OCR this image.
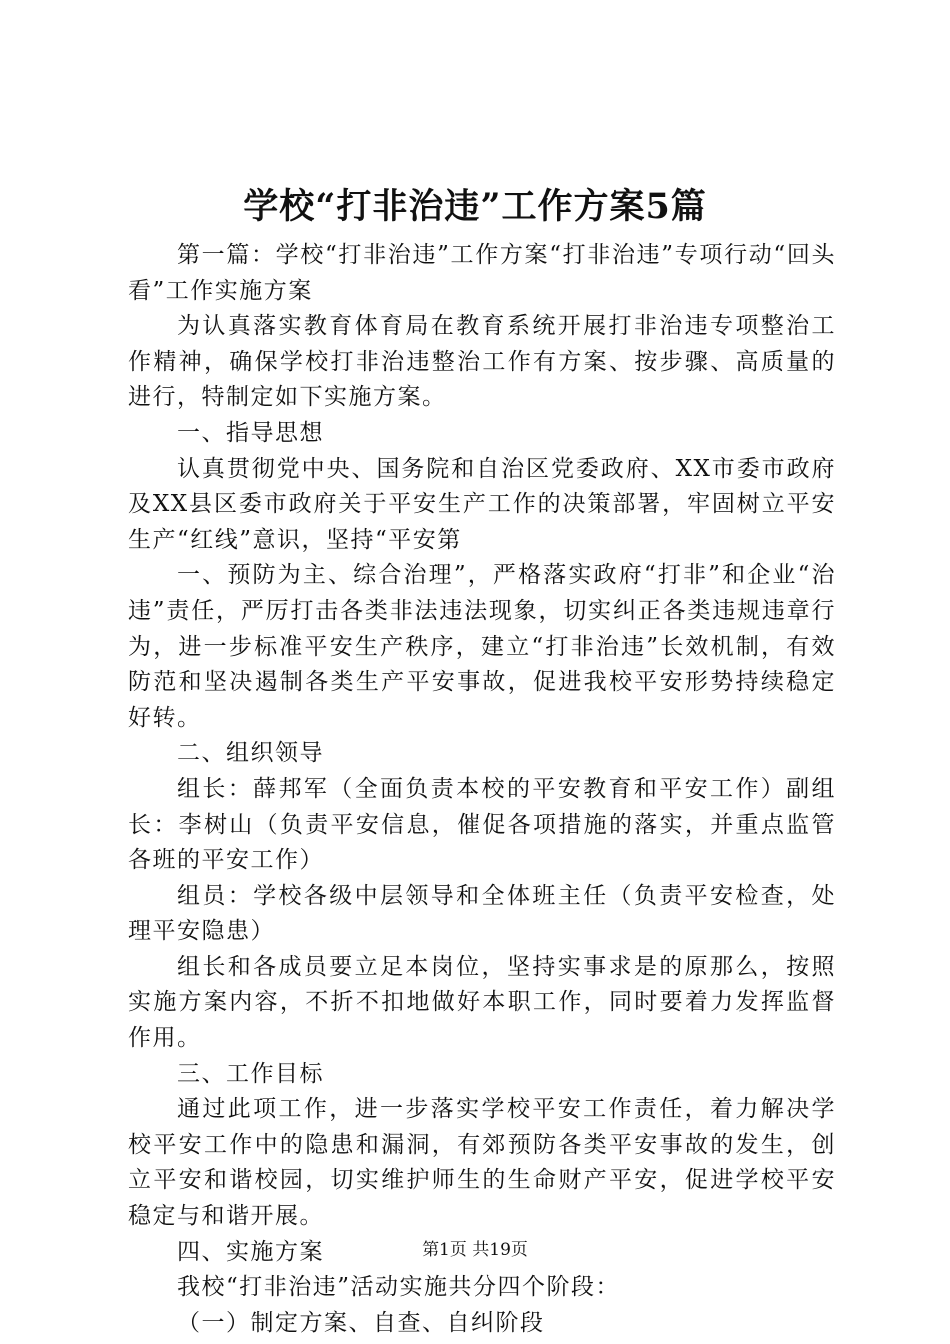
学校“打非治违”工作方案5篇

第一篇：学校“打非治违”工作方案“打非治违”专项行动“回头看”工作实施方案

为认真落实教育体育局在教育系统开展打非治违专项整治工作精神，确保学校打非治违整治工作有方案、按步骤、高质量的进行，特制定如下实施方案。

一、指导思想

认真贯彻党中央、国务院和自治区党委政府、XX市委市政府及XX县区委市政府关于平安生产工作的决策部署，牢固树立平安生产“红线”意识，坚持“平安第

一、预防为主、综合治理”，严格落实政府“打非”和企业“治违”责任，严厉打击各类非法违法现象，切实纠正各类违规违章行为，进一步标准平安生产秩序，建立“打非治违”长效机制，有效防范和坚决遏制各类生产平安事故，促进我校平安形势持续稳定好转。

二、组织领导

组长：薛邦军（全面负责本校的平安教育和平安工作）副组长：李树山（负责平安信息，催促各项措施的落实，并重点监管各班的平安工作）

组员：学校各级中层领导和全体班主任（负责平安检查，处理平安隐患）

组长和各成员要立足本岗位，坚持实事求是的原那么，按照实施方案内容，不折不扣地做好本职工作，同时要着力发挥监督作用。

三、工作目标

通过此项工作，进一步落实学校平安工作责任，着力解决学校平安工作中的隐患和漏洞，有郊预防各类平安事故的发生，创立平安和谐校园，切实维护师生的生命财产平安，促进学校平安稳定与和谐开展。

四、实施方案

我校“打非治违”活动实施共分四个阶段：

（一）制定方案、自查、自纠阶段

第1页 共19页
